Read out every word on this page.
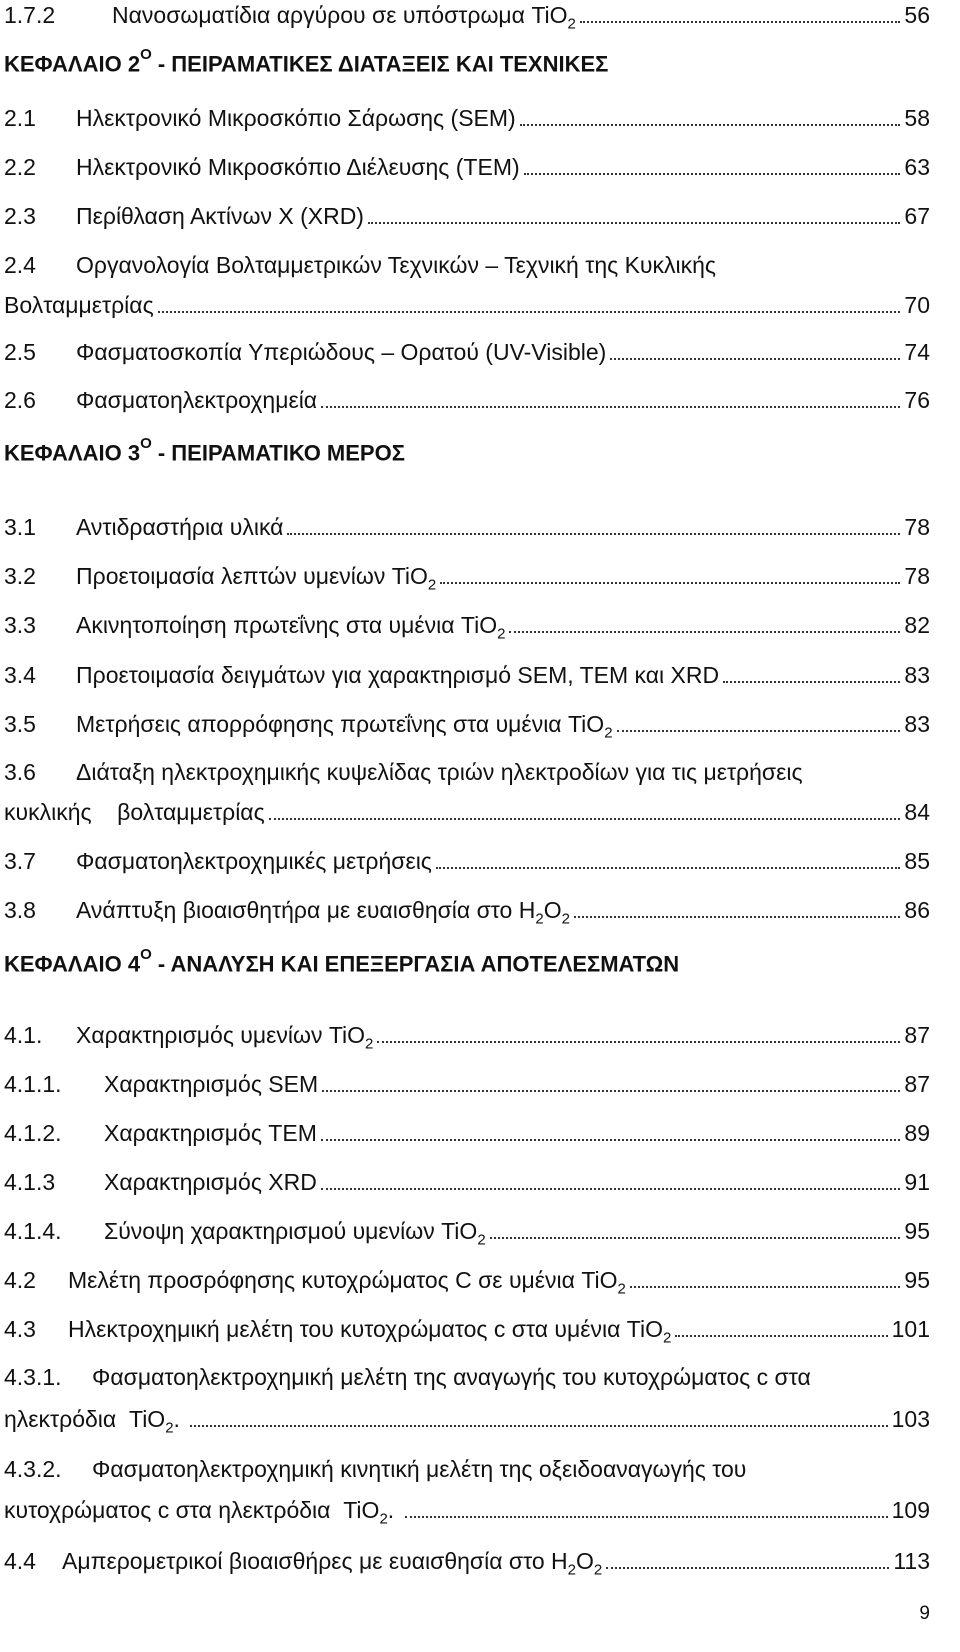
1.7.2	Νανοσωματίδια αργύρου σε υπόστρωμα TiO$_2$	56
ΚΕΦΑΛΑΙΟ $2^O$ - ΠΕΙΡΑΜΑΤΙΚΕΣ ΔΙΑΤΑΞΕΙΣ ΚΑΙ ΤΕΧΝΙΚΕΣ
2.1	Ηλεκτρονικό Μικροσκόπιο Σάρωσης (SEM)	58
2.2	Ηλεκτρονικό Μικροσκόπιο Διέλευσης (TEM)	63
2.3	Περίθλαση Ακτίνων X (XRD)	67
2.4 Οργανολογία Βολταμμετρικών Τεχνικών – Τεχνική της Κυκλικής
Βολταμμετρίας	70
2.5	Φασματοσκοπία Υπεριώδους – Ορατού (UV-Visible)	74
2.6	Φασματοηλεκτροχημεία	76
ΚΕΦΑΛΑΙΟ $3^O$ - ΠΕΙΡΑΜΑΤΙΚΟ ΜΕΡΟΣ
3.1	Αντιδραστήρια υλικά	78
3.2	Προετοιμασία λεπτών υμενίων TiO$_2$	78
3.3	Ακινητοποίηση πρωτεΐνης στα υμένια TiO$_2$	82
3.4	Προετοιμασία δειγμάτων για χαρακτηρισμό SEM, TEM και XRD	83
3.5	Μετρήσεις απορρόφησης πρωτεΐνης στα υμένια TiO$_2$	83
3.6 Διάταξη ηλεκτροχημικής κυψελίδας τριών ηλεκτροδίων για τις μετρήσεις
κυκλικής    βολταμμετρίας	84
3.7	Φασματοηλεκτροχημικές μετρήσεις	85
3.8	Ανάπτυξη βιοαισθητήρα με ευαισθησία στο $H_2O_2$	86
ΚΕΦΑΛΑΙΟ $4^O$ - ΑΝΑΛΥΣΗ ΚΑΙ ΕΠΕΞΕΡΓΑΣΙΑ ΑΠΟΤΕΛΕΣΜΑΤΩΝ
4.1.	Χαρακτηρισμός υμενίων TiO$_2$	87
4.1.1.	Χαρακτηρισμός SEM	87
4.1.2.	Χαρακτηρισμός TEM	89
4.1.3	Χαρακτηρισμός XRD	91
4.1.4.	Σύνοψη χαρακτηρισμού υμενίων TiO$_2$	95
4.2	Μελέτη προσρόφησης κυτοχρώματος C σε υμένια TiO$_2$	95
4.3	Ηλεκτροχημική μελέτη του κυτοχρώματος c στα υμένια TiO$_2$	101
4.3.1. Φασματοηλεκτροχημική μελέτη της αναγωγής του κυτοχρώματος c στα
ηλεκτρόδια  TiO$_2$.	103
4.3.2. Φασματοηλεκτροχημική κινητική μελέτη της οξειδοαναγωγής του
κυτοχρώματος c στα ηλεκτρόδια  TiO$_2$.	109
4.4	Αμπερομετρικοί βιοαισθήρες με ευαισθησία στο $H_2O_2$	113
9
